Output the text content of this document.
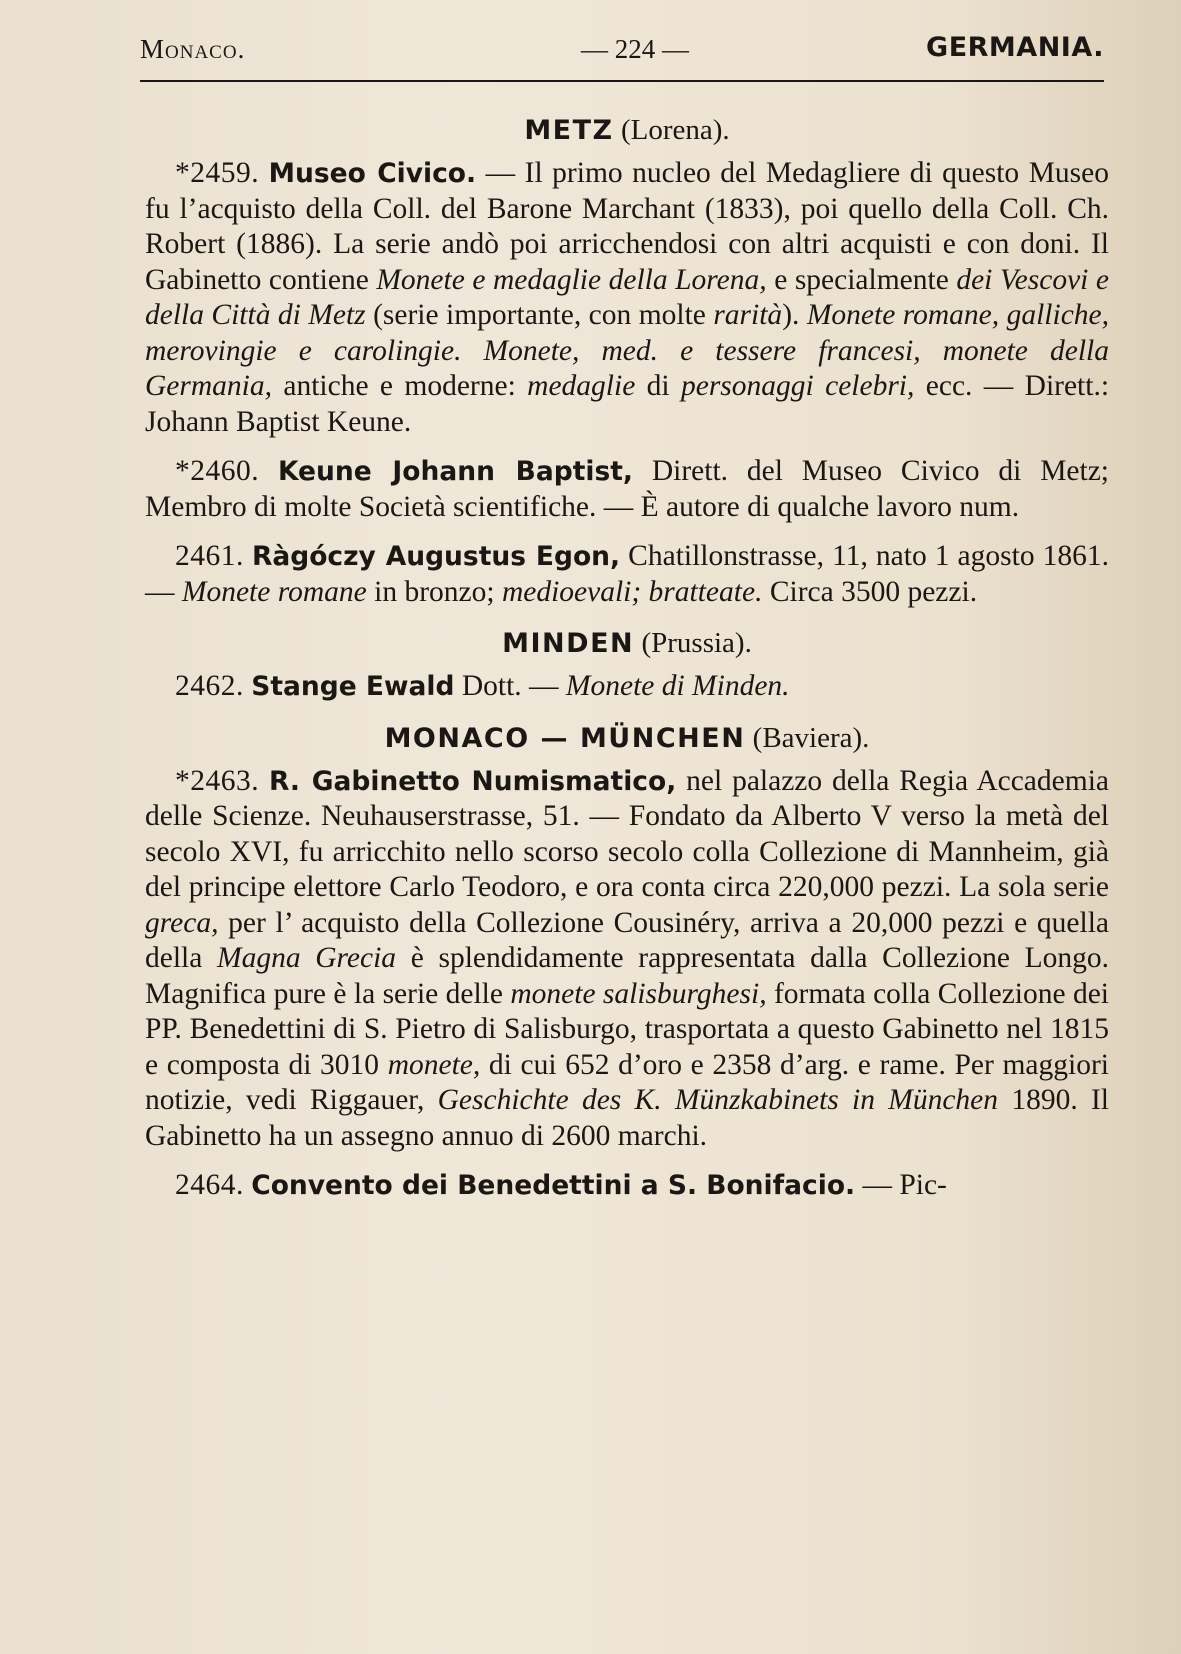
Monaco.	— 224 —	GERMANIA.
METZ (Lorena).

*2459. Museo Civico. — Il primo nucleo del Medagliere di questo Museo fu l’acquisto della Coll. del Barone Marchant (1833), poi quello della Coll. Ch. Robert (1886). La serie andò poi arricchendosi con altri acquisti e con doni. Il Gabinetto contiene Monete e medaglie della Lorena, e specialmente dei Vescovi e della Città di Metz (serie importante, con molte rarità). Monete romane, galliche, merovingie e carolingie. Monete, med. e tessere francesi, monete della Germania, antiche e moderne: medaglie di personaggi celebri, ecc. — Dirett.: Johann Baptist Keune.

*2460. Keune Johann Baptist, Dirett. del Museo Civico di Metz; Membro di molte Società scientifiche. — È autore di qualche lavoro num.

2461. Ràgóczy Augustus Egon, Chatillonstrasse, 11, nato 1 agosto 1861. — Monete romane in bronzo; medioevali; bratteate. Circa 3500 pezzi.

MINDEN (Prussia).

2462. Stange Ewald Dott. — Monete di Minden.

MONACO — MÜNCHEN (Baviera).

*2463. R. Gabinetto Numismatico, nel palazzo della Regia Accademia delle Scienze. Neuhauserstrasse, 51. — Fondato da Alberto V verso la metà del secolo XVI, fu arricchito nello scorso secolo colla Collezione di Mannheim, già del principe elettore Carlo Teodoro, e ora conta circa 220,000 pezzi. La sola serie greca, per l’ acquisto della Collezione Cousinéry, arriva a 20,000 pezzi e quella della Magna Grecia è splendidamente rappresentata dalla Collezione Longo. Magnifica pure è la serie delle monete salisburghesi, formata colla Collezione dei PP. Benedettini di S. Pietro di Salisburgo, trasportata a questo Gabinetto nel 1815 e composta di 3010 monete, di cui 652 d’oro e 2358 d’arg. e rame. Per maggiori notizie, vedi Riggauer, Geschichte des K. Münzkabinets in München 1890. Il Gabinetto ha un assegno annuo di 2600 marchi.

2464. Convento dei Benedettini a S. Bonifacio. — Pic-
